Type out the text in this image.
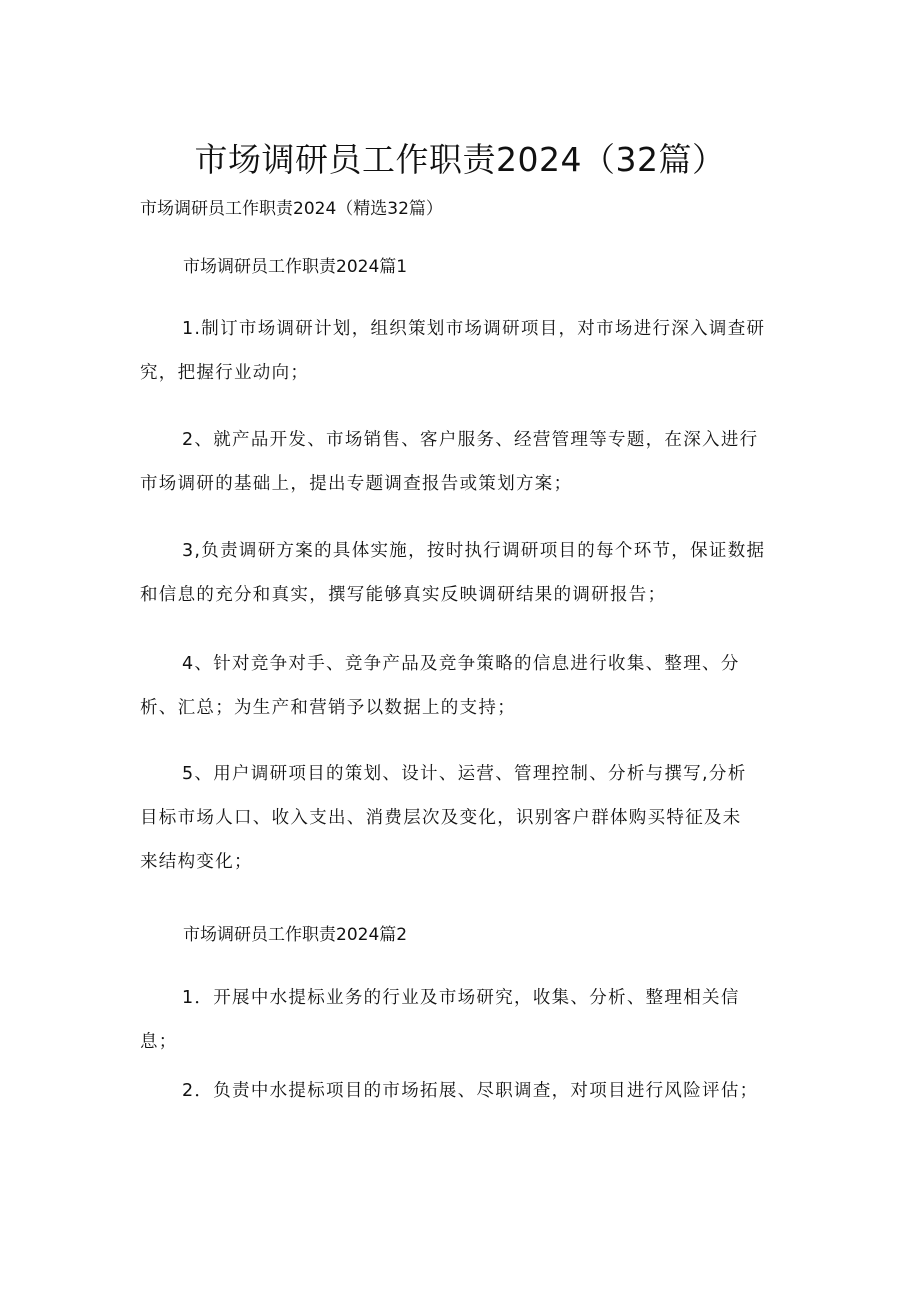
市场调研员工作职责2024（32篇）
市场调研员工作职责2024（精选32篇）
市场调研员工作职责2024篇1
1.制订市场调研计划，组织策划市场调研项目，对市场进行深入调查研
究，把握行业动向；
2、就产品开发、市场销售、客户服务、经营管理等专题，在深入进行
市场调研的基础上，提出专题调查报告或策划方案；
3,负责调研方案的具体实施，按时执行调研项目的每个环节，保证数据
和信息的充分和真实，撰写能够真实反映调研结果的调研报告；
4、针对竞争对手、竞争产品及竞争策略的信息进行收集、整理、分
析、汇总；为生产和营销予以数据上的支持；
5、用户调研项目的策划、设计、运营、管理控制、分析与撰写,分析
目标市场人口、收入支出、消费层次及变化，识别客户群体购买特征及未
来结构变化；
市场调研员工作职责2024篇2
1．开展中水提标业务的行业及市场研究，收集、分析、整理相关信
息；
2．负责中水提标项目的市场拓展、尽职调查，对项目进行风险评估；
